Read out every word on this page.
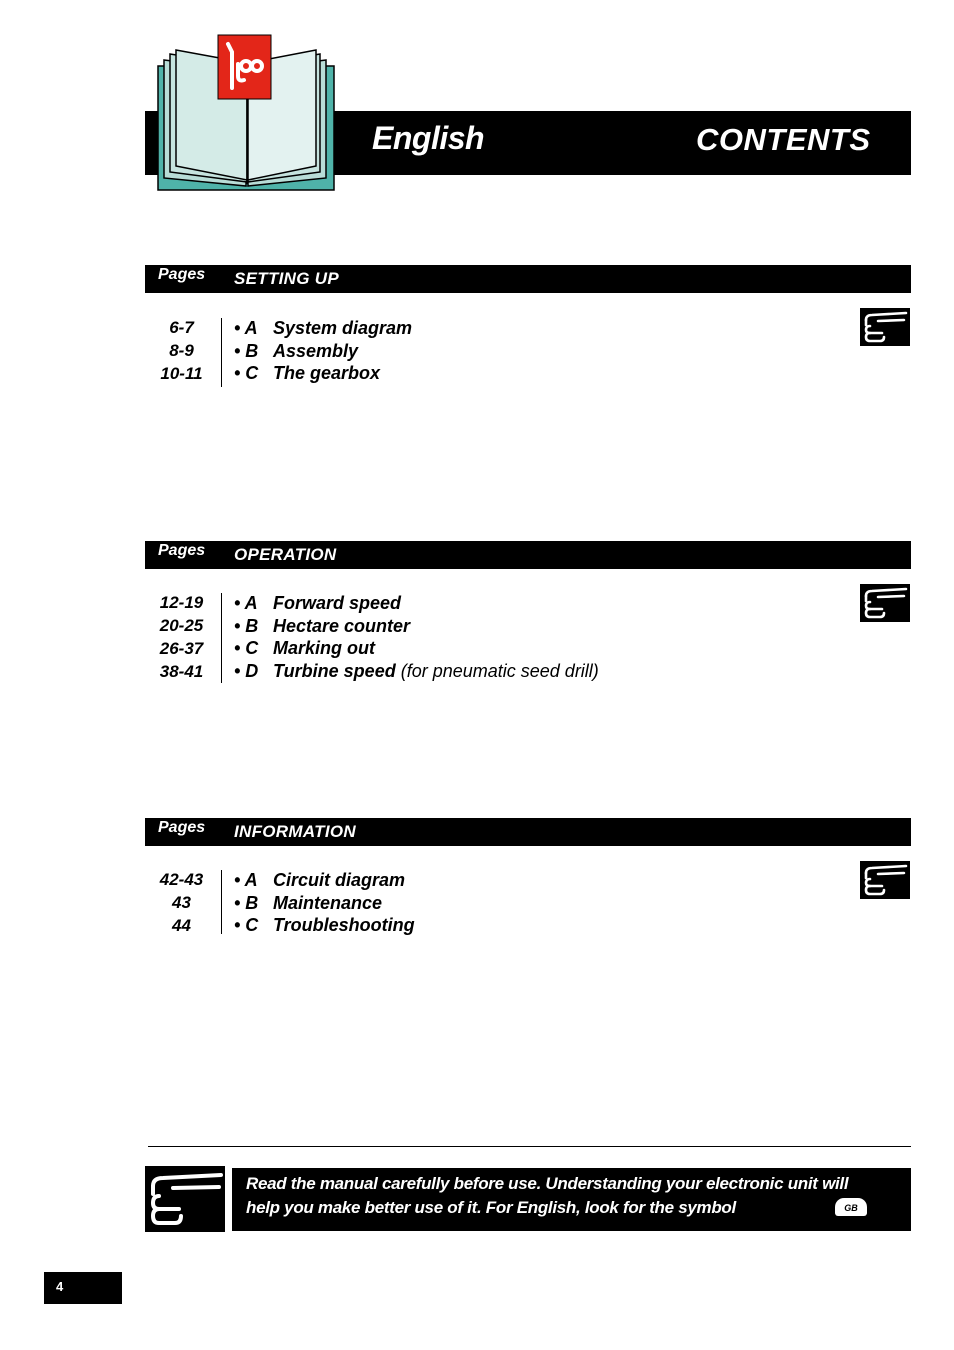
English	CONTENTS
Pages SETTING UP
6-7
8-9
10-11
• A System diagram
• B Assembly
• C The gearbox
Pages OPERATION
12-19
20-25
26-37
38-41
• A Forward speed
• B Hectare counter
• C Marking out
• D Turbine speed (for pneumatic seed drill)
Pages INFORMATION
42-43
43
44
• A Circuit diagram
• B Maintenance
• C Troubleshooting
Read the manual carefully before use. Understanding your electronic unit will
help you make better use of it. For English, look for the symbol	GB
4
